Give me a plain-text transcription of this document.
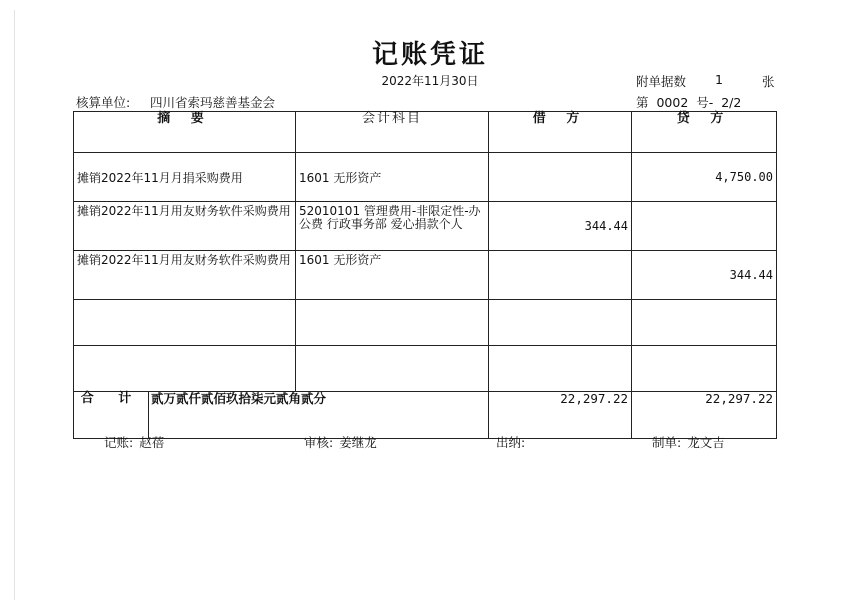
记账凭证
2022年11月30日	附单据数 1	张
核算单位: 四川省索玛慈善基金会	第 0002 号- 2/2
摘 要		会计科目	借 方	贷 方
摊销2022年11月月捐采购费用		1601 无形资产		4,750.00
摊销2022年11月用友财务软件采购费用		52010101 管理费用-非限定性-办公费 行政事务部 爱心捐款个人	344.44	
摊销2022年11月用友财务软件采购费用		1601 无形资产		344.44

合 计	贰万贰仟贰佰玖拾柒元贰角贰分		22,297.22	22,297.22
记账: 赵蓓	审核: 姜继龙	出纳:	制单: 龙文吉
